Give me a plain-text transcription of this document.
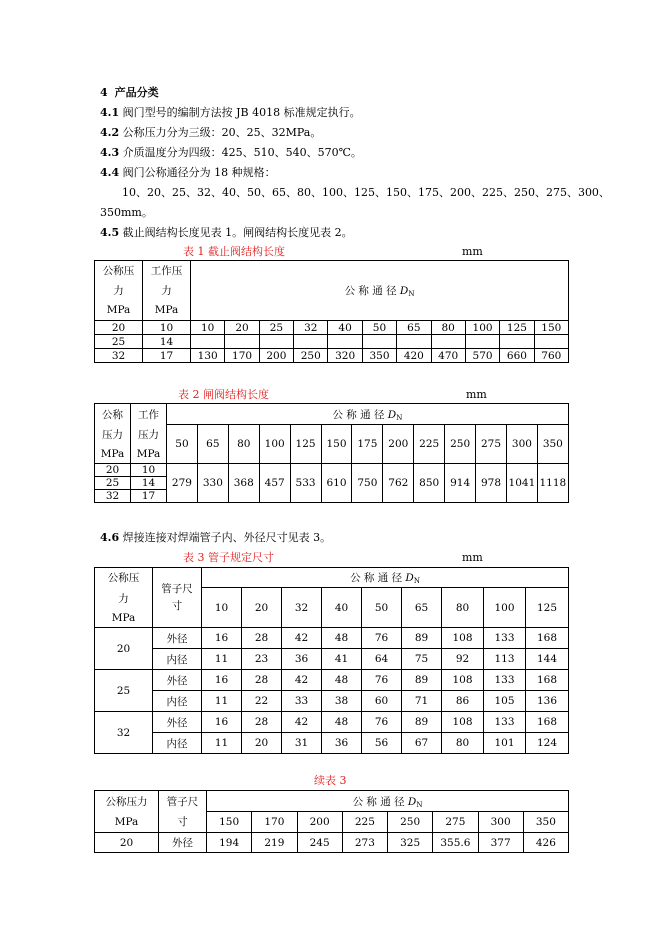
4 产品分类
4.1 阀门型号的编制方法按 JB 4018 标准规定执行。
4.2 公称压力分为三级：20、25、32MPa。
4.3 介质温度分为四级：425、510、540、570℃。
4.4 阀门公称通径分为 18 种规格：
10、20、25、32、40、50、65、80、100、125、150、175、200、225、250、275、300、
350mm。
4.5 截止阀结构长度见表 1。闸阀结构长度见表 2。
表 1 截止阀结构长度	mm
公称压	工作压	公 称 通 径 $D_N$
力	力											
MPa	MPa											
20	10	10	20	25	32	40	50	65	80	100	125	150
25	14											
32	17	130	170	200	250	320	350	420	470	570	660	760
表 2 闸阀结构长度	mm
公称	工作	公 称 通 径 $D_N$
压力	压力	50	65	80	100	125	150	175	200	225	250	275	300	350
MPa	MPa													
20	10	279	330	368	457	533	610	750	762	850	914	978	1041	1118
25	14													
32	17													
4.6 焊接连接对焊端管子内、外径尺寸见表 3。
表 3 管子规定尺寸	mm
公称压	管子尺
寸	公 称 通 径 $D_N$
力		10	20	32	40	50	65	80	100	125
MPa										
20	外径	16	28	42	48	76	89	108	133	168
	内径	11	23	36	41	64	75	92	113	144
25	外径	16	28	42	48	76	89	108	133	168
	内径	11	22	33	38	60	71	86	105	136
32	外径	16	28	42	48	76	89	108	133	168
	内径	11	20	31	36	56	67	80	101	124
续表 3
公称压力	管子尺	公 称 通 径 $D_N$
MPa	寸	150	170	200	225	250	275	300	350
20	外径	194	219	245	273	325	355.6	377	426
